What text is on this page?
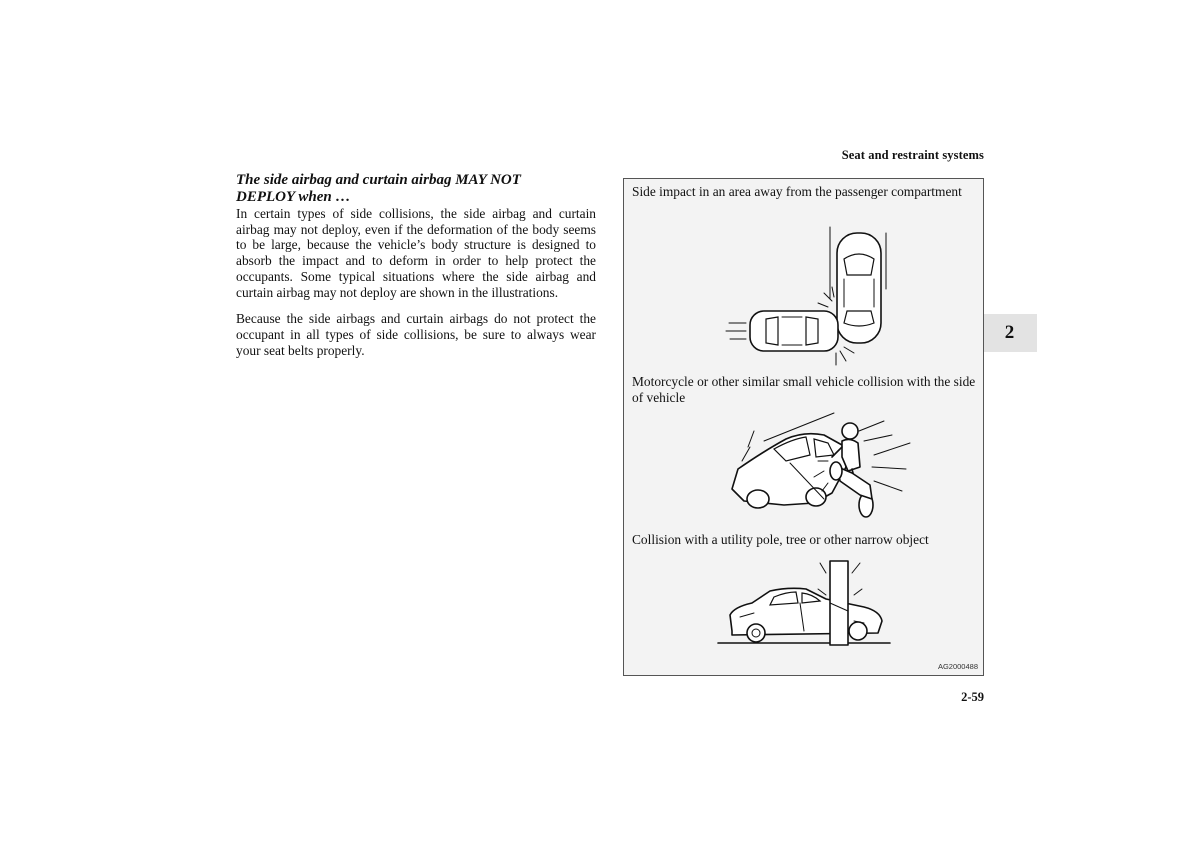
Seat and restraint systems
2

The side airbag and curtain airbag MAY NOT DEPLOY when …

In certain types of side collisions, the side airbag and curtain airbag may not deploy, even if the deformation of the body seems to be large, because the vehicle’s body structure is designed to absorb the impact and to deform in order to help protect the occupants. Some typical situations where the side airbag and curtain airbag may not deploy are shown in the illustrations.

Because the side airbags and curtain airbags do not protect the occupant in all types of side collisions, be sure to always wear your seat belts properly.

Side impact in an area away from the passenger compartment
Motorcycle or other similar small vehicle collision with the side of vehicle
Collision with a utility pole, tree or other narrow object
AG2000488
2-59
